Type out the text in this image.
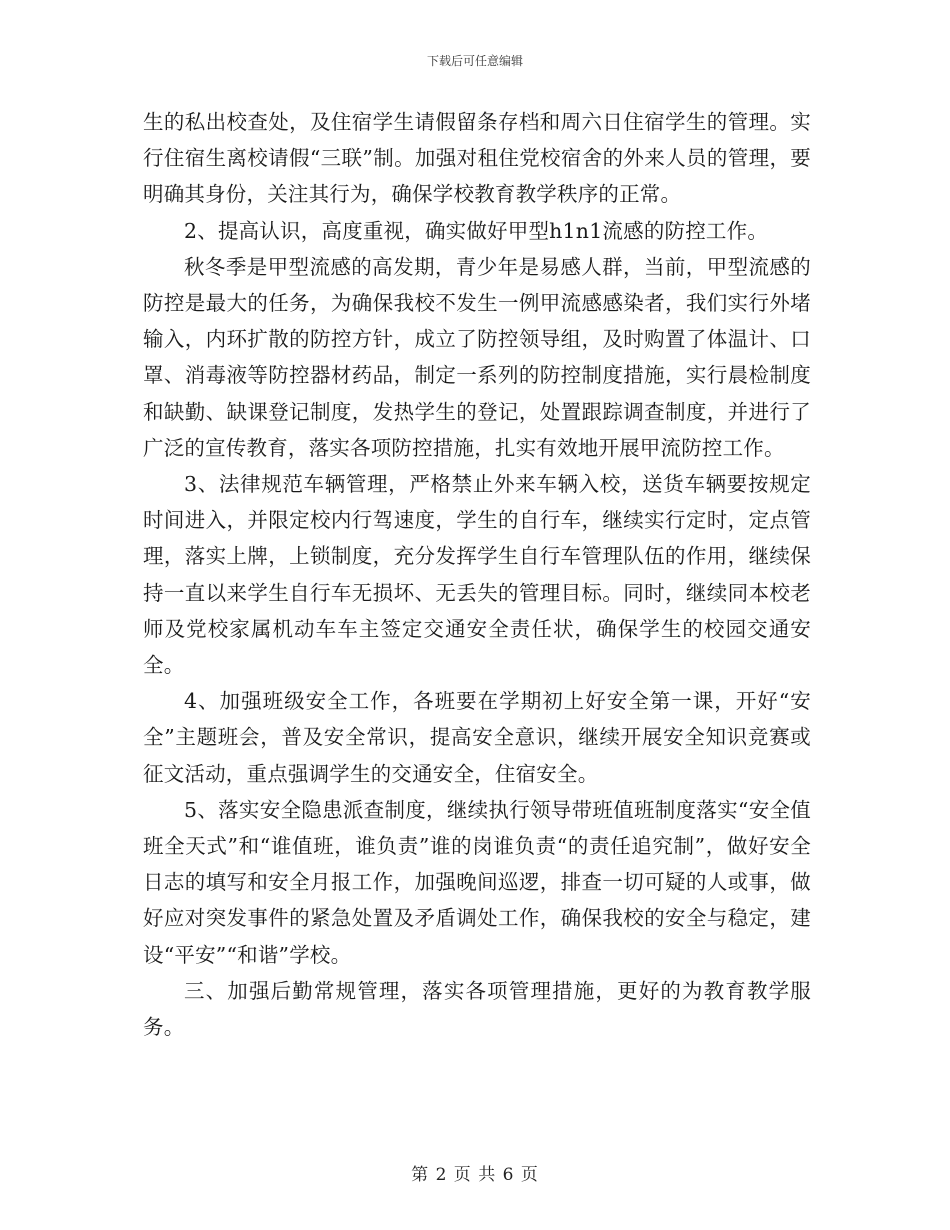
下载后可任意编辑

生的私出校查处，及住宿学生请假留条存档和周六日住宿学生的管理。实行住宿生离校请假“三联”制。加强对租住党校宿舍的外来人员的管理，要明确其身份，关注其行为，确保学校教育教学秩序的正常。

2、提高认识，高度重视，确实做好甲型h1n1流感的防控工作。

秋冬季是甲型流感的高发期，青少年是易感人群，当前，甲型流感的防控是最大的任务，为确保我校不发生一例甲流感感染者，我们实行外堵输入，内环扩散的防控方针，成立了防控领导组，及时购置了体温计、口罩、消毒液等防控器材药品，制定一系列的防控制度措施，实行晨检制度和缺勤、缺课登记制度，发热学生的登记，处置跟踪调查制度，并进行了广泛的宣传教育，落实各项防控措施，扎实有效地开展甲流防控工作。

3、法律规范车辆管理，严格禁止外来车辆入校，送货车辆要按规定时间进入，并限定校内行驾速度，学生的自行车，继续实行定时，定点管理，落实上牌，上锁制度，充分发挥学生自行车管理队伍的作用，继续保持一直以来学生自行车无损坏、无丢失的管理目标。同时，继续同本校老师及党校家属机动车车主签定交通安全责任状，确保学生的校园交通安全。

4、加强班级安全工作，各班要在学期初上好安全第一课，开好“安全”主题班会，普及安全常识，提高安全意识，继续开展安全知识竞赛或征文活动，重点强调学生的交通安全，住宿安全。

5、落实安全隐患派查制度，继续执行领导带班值班制度落实“安全值班全天式”和“谁值班，谁负责”谁的岗谁负责“的责任追究制”，做好安全日志的填写和安全月报工作，加强晚间巡逻，排查一切可疑的人或事，做好应对突发事件的紧急处置及矛盾调处工作，确保我校的安全与稳定，建设“平安”“和谐”学校。

三、加强后勤常规管理，落实各项管理措施，更好的为教育教学服务。

第 2 页 共 6 页
